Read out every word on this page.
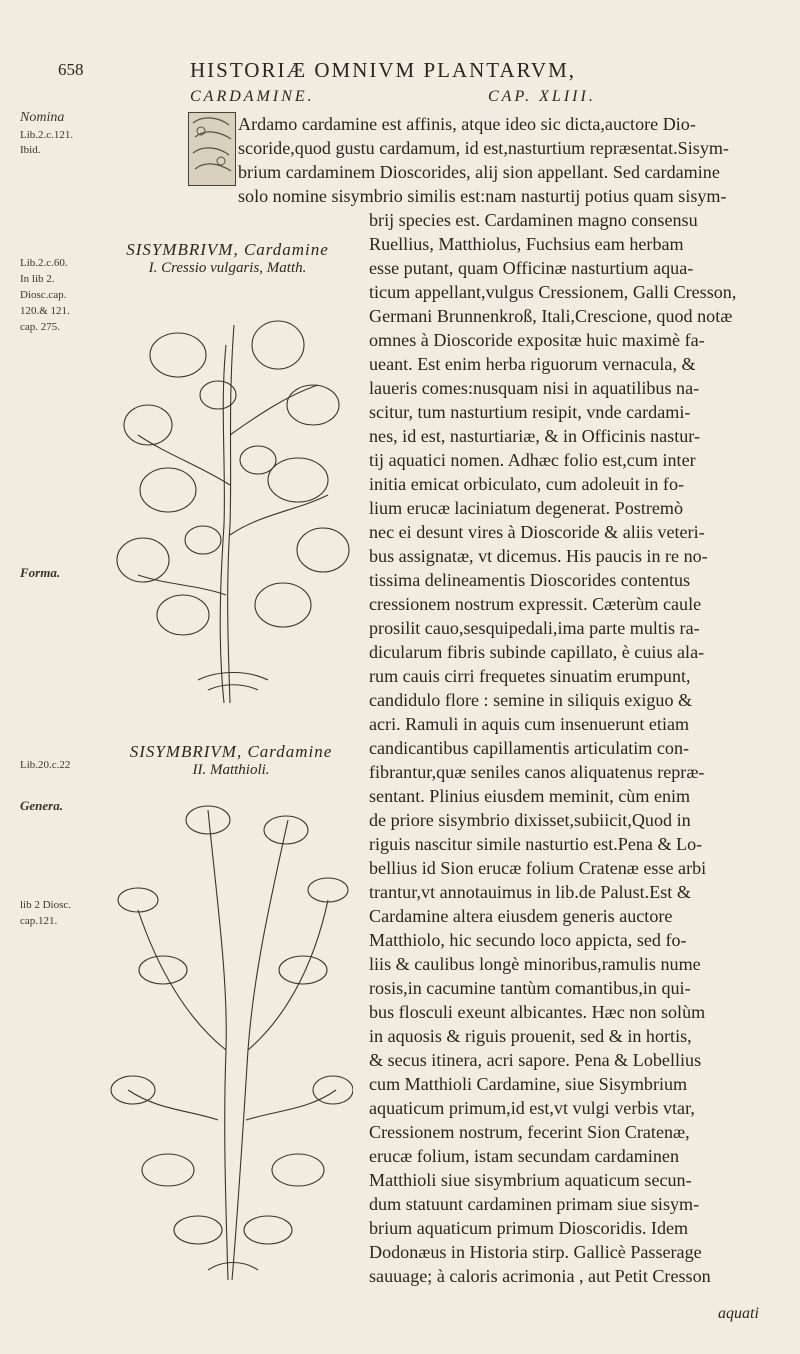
658	HISTORIÆ OMNIVM PLANTARVM,
CARDAMINE.	CAP. XLIII.
Nomina
Lib.2.c.121.
Ibid.
Lib.2.c.60.
In lib 2.
Diosc.cap.
120.& 121.
cap. 275.
Forma.
Lib.20.c.22
Genera.
lib 2 Diosc.
cap.121.
SISYMBRIVM, Cardamine
I. Cressio vulgaris, Matth.
SISYMBRIVM, Cardamine
II. Matthioli.

Ardamo cardamine est affinis, atque ideo sic dicta,auctore Dio-

scoride,quod gustu cardamum, id est,nasturtium repræsentat.Sisym-

brium cardaminem Dioscorides, alij sion appellant. Sed cardamine

solo nomine sisymbrio similis est:nam nasturtij potius quam sisym-

brij species est. Cardaminen magno consensu

Ruellius, Matthiolus, Fuchsius eam herbam

esse putant, quam Officinæ nasturtium aqua-

ticum appellant,vulgus Cressionem, Galli Cresson,

Germani Brunnenkroß, Itali,Crescione, quod notæ

omnes à Dioscoride expositæ huic maximè fa-

ueant. Est enim herba riguorum vernacula, &

laueris comes:nusquam nisi in aquatilibus na-

scitur, tum nasturtium resipit, vnde cardami-

nes, id est, nasturtiariæ, & in Officinis nastur-

tij aquatici nomen. Adhæc folio est,cum inter

initia emicat orbiculato, cum adoleuit in fo-

lium erucæ laciniatum degenerat. Postremò

nec ei desunt vires à Dioscoride & aliis veteri-

bus assignatæ, vt dicemus. His paucis in re no-

tissima delineamentis Dioscorides contentus

cressionem nostrum expressit. Cæterùm caule

prosilit cauo,sesquipedali,ima parte multis ra-

dicularum fibris subinde capillato, è cuius ala-

rum cauis cirri frequetes sinuatim erumpunt,

candidulo flore : semine in siliquis exiguo &

acri. Ramuli in aquis cum insenuerunt etiam

candicantibus capillamentis articulatim con-

fibrantur,quæ seniles canos aliquatenus repræ-

sentant. Plinius eiusdem meminit, cùm enim

de priore sisymbrio dixisset,subiicit,Quod in

riguis nascitur simile nasturtio est.Pena & Lo-

bellius id Sion erucæ folium Cratenæ esse arbi

trantur,vt annotauimus in lib.de Palust.Est &

Cardamine altera eiusdem generis auctore

Matthiolo, hic secundo loco appicta, sed fo-

liis & caulibus longè minoribus,ramulis nume

rosis,in cacumine tantùm comantibus,in qui-

bus flosculi exeunt albicantes. Hæc non solùm

in aquosis & riguis prouenit, sed & in hortis,

& secus itinera, acri sapore. Pena & Lobellius

cum Matthioli Cardamine, siue Sisymbrium

aquaticum primum,id est,vt vulgi verbis vtar,

Cressionem nostrum, fecerint Sion Cratenæ,

erucæ folium, istam secundam cardaminen

Matthioli siue sisymbrium aquaticum secun-

dum statuunt cardaminen primam siue sisym-

brium aquaticum primum Dioscoridis. Idem

Dodonæus in Historia stirp. Gallicè Passerage

sauuage; à caloris acrimonia , aut Petit Cresson

aquati
